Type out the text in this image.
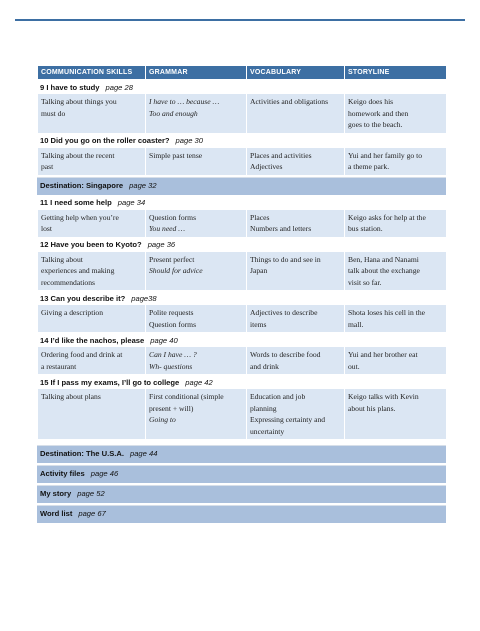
COMMUNICATION SKILLS	GRAMMAR	VOCABULARY	STORYLINE
9 I have to study page 28			
Talking about things you
must do	I have to … because …
Too and enough	Activities and obligations	Keigo does his
homework and then
goes to the beach.
10 Did you go on the roller coaster? page 30			
Talking about the recent
past	Simple past tense	Places and activities
Adjectives	Yui and her family go to
a theme park.
Destination: Singapore page 32
11 I need some help page 34			
Getting help when you’re
lost	Question forms
You need …	Places
Numbers and letters	Keigo asks for help at the
bus station.
12 Have you been to Kyoto? page 36			
Talking about
experiences and making
recommendations	Present perfect
Should for advice	Things to do and see in
Japan	Ben, Hana and Nanami
talk about the exchange
visit so far.
13 Can you describe it? page38			
Giving a description	Polite requests
Question forms	Adjectives to describe
items	Shota loses his cell in the
mall.
14 I’d like the nachos, please page 40			
Ordering food and drink at
a restaurant	Can I have … ?
Wh- questions	Words to describe food
and drink	Yui and her brother eat
out.
15 If I pass my exams, I’ll go to college page 42			
Talking about plans	First conditional (simple
present + will)
Going to	Education and job
planning
Expressing certainty and
uncertainty	Keigo talks with Kevin
about his plans.
Destination: The U.S.A. page 44
Activity files page 46
My story page 52
Word list page 67
